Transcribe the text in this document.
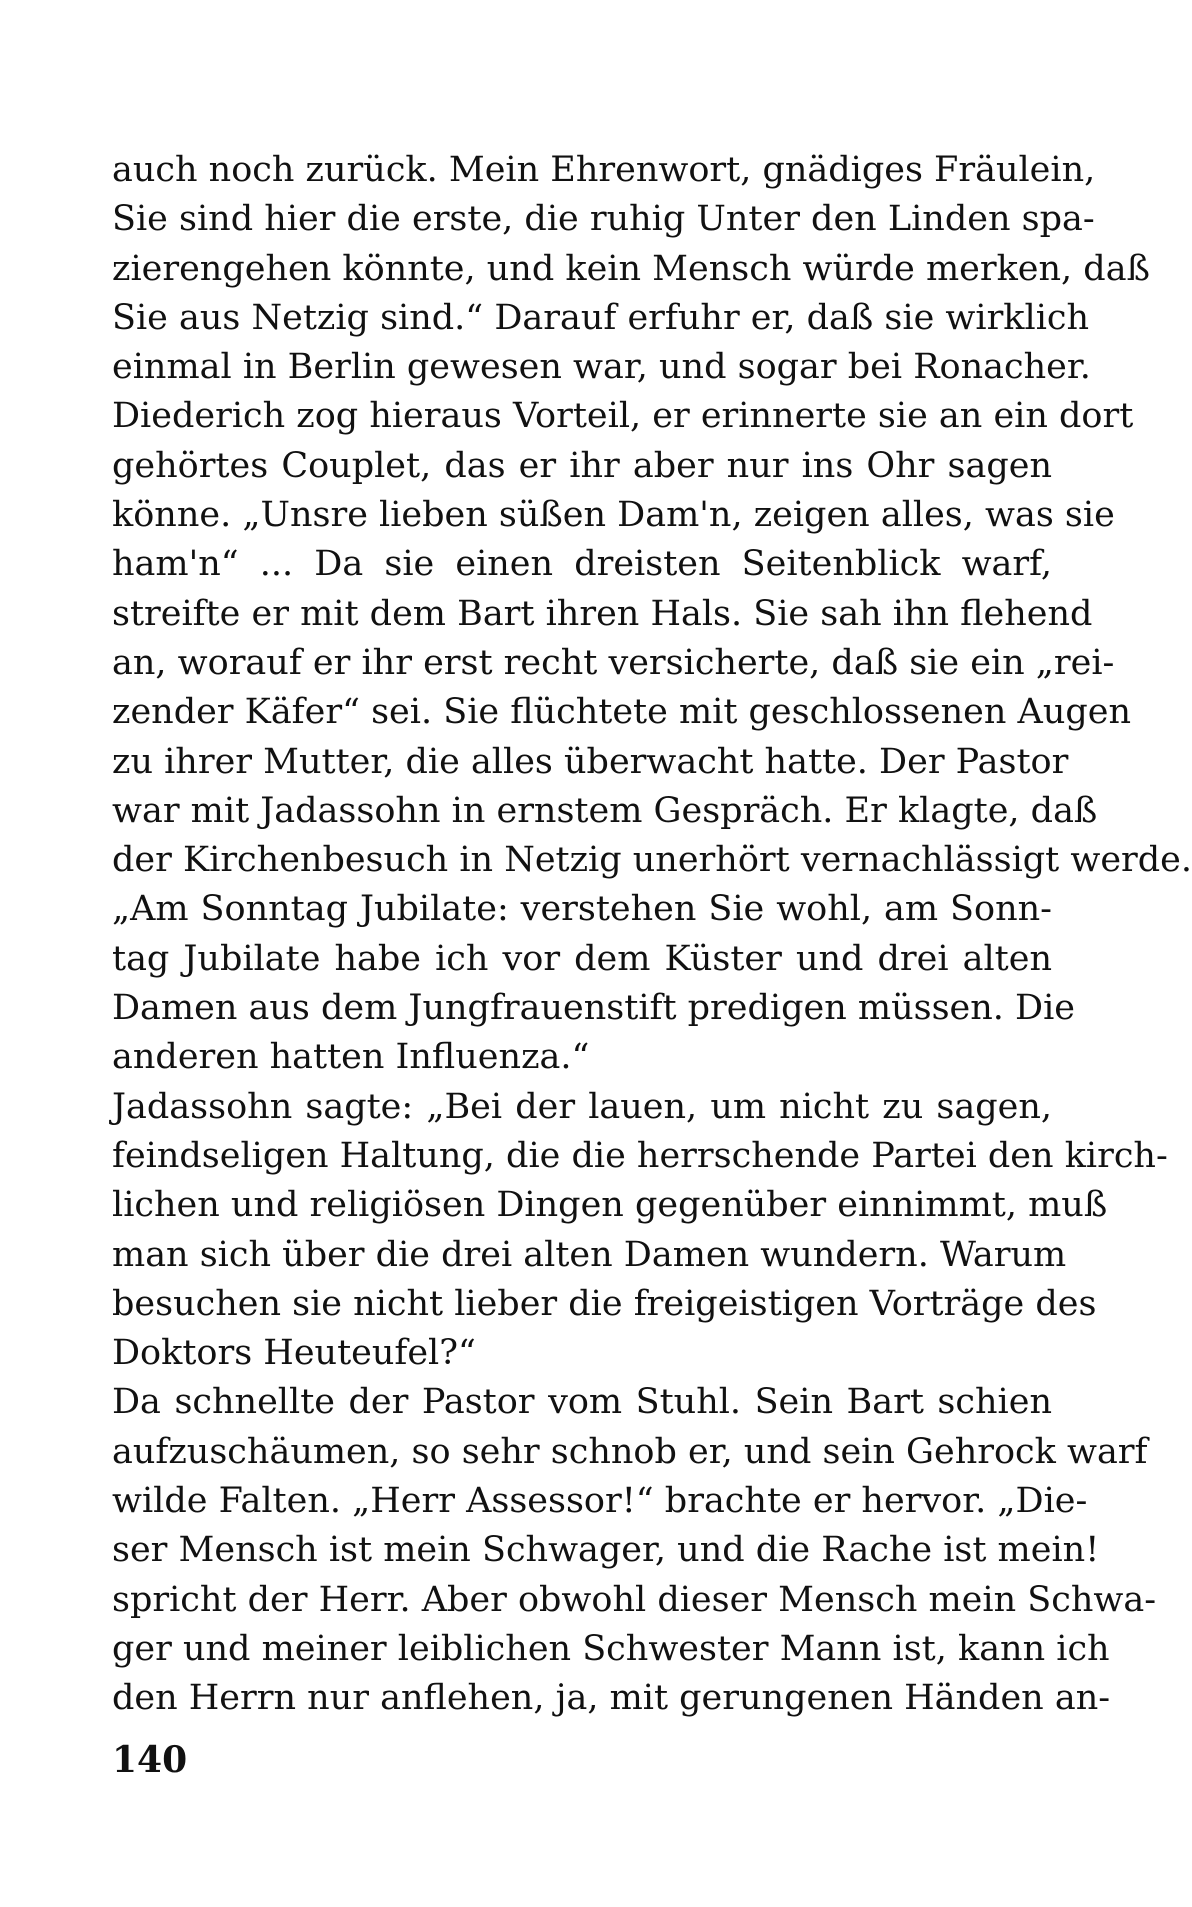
auch noch zurück. Mein Ehrenwort, gnädiges Fräulein,
Sie sind hier die erste, die ruhig Unter den Linden spa-
zierengehen könnte, und kein Mensch würde merken, daß
Sie aus Netzig sind.“ Darauf erfuhr er, daß sie wirklich
einmal in Berlin gewesen war, und sogar bei Ronacher.
Diederich zog hieraus Vorteil, er erinnerte sie an ein dort
gehörtes Couplet, das er ihr aber nur ins Ohr sagen
könne. „Unsre lieben süßen Dam'n, zeigen alles, was sie
ham'n“ ... Da sie einen dreisten Seitenblick warf,
streifte er mit dem Bart ihren Hals. Sie sah ihn flehend
an, worauf er ihr erst recht versicherte, daß sie ein „rei-
zender Käfer“ sei. Sie flüchtete mit geschlossenen Augen
zu ihrer Mutter, die alles überwacht hatte. Der Pastor
war mit Jadassohn in ernstem Gespräch. Er klagte, daß
der Kirchenbesuch in Netzig unerhört vernachlässigt werde.
„Am Sonntag Jubilate: verstehen Sie wohl, am Sonn-
tag Jubilate habe ich vor dem Küster und drei alten
Damen aus dem Jungfrauenstift predigen müssen. Die
anderen hatten Influenza.“
Jadassohn sagte: „Bei der lauen, um nicht zu sagen,
feindseligen Haltung, die die herrschende Partei den kirch-
lichen und religiösen Dingen gegenüber einnimmt, muß
man sich über die drei alten Damen wundern. Warum
besuchen sie nicht lieber die freigeistigen Vorträge des
Doktors Heuteufel?“
Da schnellte der Pastor vom Stuhl. Sein Bart schien
aufzuschäumen, so sehr schnob er, und sein Gehrock warf
wilde Falten. „Herr Assessor!“ brachte er hervor. „Die-
ser Mensch ist mein Schwager, und die Rache ist mein!
spricht der Herr. Aber obwohl dieser Mensch mein Schwa-
ger und meiner leiblichen Schwester Mann ist, kann ich
den Herrn nur anflehen, ja, mit gerungenen Händen an-
140
